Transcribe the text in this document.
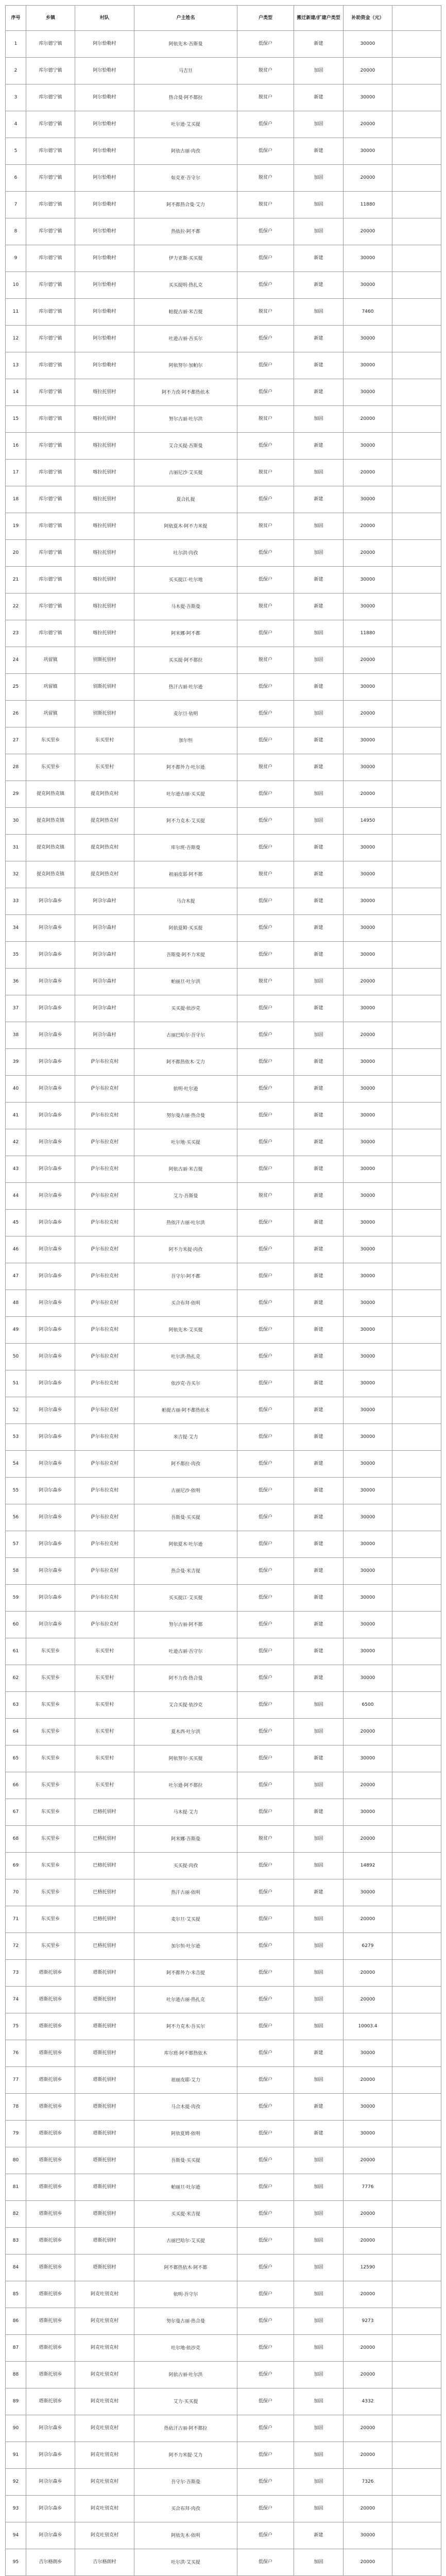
序号	乡镇	村队	户主姓名	户类型	搬迁新建/扩建户类型	补助资金（元）	
1	库尔德宁镇	阿尔恰勒村	阿依先木·吾斯曼	低保户	新建	30000	
2	库尔德宁镇	阿尔恰勒村	马吉旦	脱贫户	加固	20000	
3	库尔德宁镇	阿尔恰勒村	热合曼·阿不都拉	脱贫户	新建	30000	
4	库尔德宁镇	阿尔恰勒村	吐尔逊·艾买提	低保户	加固	20000	
5	库尔德宁镇	阿尔恰勒村	阿依古丽·肉孜	低保户	新建	30000	
6	库尔德宁镇	阿尔恰勒村	如克亚·吾守尔	脱贫户	加固	20000	
7	库尔德宁镇	阿尔恰勒村	阿不都热合曼·艾力	脱贫户	加固	11880	
8	库尔德宁镇	阿尔恰勒村	热依拉·阿不都	低保户	加固	20000	
9	库尔德宁镇	阿尔恰勒村	伊力亚斯·买买提	低保户	新建	30000	
10	库尔德宁镇	阿尔恰勒村	买买提明·热扎克	低保户	新建	30000	
11	库尔德宁镇	阿尔恰勒村	帕提古丽·米吉提	脱贫户	加固	7460	
12	库尔德宁镇	阿尔恰勒村	吐逊古丽·吾买尔	低保户	新建	30000	
13	库尔德宁镇	阿尔恰勒村	阿依努尔·加帕尔	低保户	新建	30000	
14	库尔德宁镇	喀拉托别村	阿不力孜·阿不都热依木	低保户	新建	30000	
15	库尔德宁镇	喀拉托别村	努尔古丽·吐尔洪	脱贫户	加固	20000	
16	库尔德宁镇	喀拉托别村	艾合买提·吾斯曼	低保户	新建	30000	
17	库尔德宁镇	喀拉托别村	古丽尼沙·艾买提	脱贫户	加固	20000	
18	库尔德宁镇	喀拉托别村	夏合扎提	低保户	新建	30000	
19	库尔德宁镇	喀拉托别村	阿依夏木·阿不力米提	脱贫户	加固	20000	
20	库尔德宁镇	喀拉托别村	吐尔洪·肉孜	低保户	加固	20000	
21	库尔德宁镇	喀拉托别村	买买提江·吐尔地	低保户	新建	30000	
22	库尔德宁镇	喀拉托别村	马木提·吾斯曼	脱贫户	新建	30000	
23	库尔德宁镇	喀拉托别村	阿米娜·阿不都	低保户	加固	11880	
24	巩留镇	别斯托别村	买买提·阿不都拉	脱贫户	加固	20000	
25	巩留镇	别斯托别村	热汗古丽·吐尔逊	低保户	新建	30000	
26	巩留镇	别斯托别村	麦尔旦·依明	低保户	加固	20000	
27	东买里乡	东买里村	加尔恒	低保户	新建	30000	
28	东买里乡	东买里村	阿不都外力·吐尔逊	脱贫户	新建	30000	
29	提克阿热克镇	提克阿热克村	吐尔逊古丽·买买提	低保户	加固	20000	
30	提克阿热克镇	提克阿热克村	阿不力克木·艾买提	低保户	加固	14950	
31	提克阿热克镇	提克阿热克村	库尔班·吾斯曼	低保户	新建	30000	
32	提克阿热克镇	提克阿热克村	祖丽皮耶·阿不都	脱贫户	新建	30000	
33	阿尕尔森乡	阿尕尔森村	马合木提	低保户	新建	30000	
34	阿尕尔森乡	阿尕尔森村	阿依夏姆·买买提	低保户	新建	30000	
35	阿尕尔森乡	阿尕尔森村	吾斯曼·阿不力米提	低保户	新建	30000	
36	阿尕尔森乡	阿尕尔森村	帕丽旦·吐尔洪	脱贫户	加固	20000	
37	阿尕尔森乡	阿尕尔森村	买买提·依沙克	低保户	新建	30000	
38	阿尕尔森乡	阿尕尔森村	古丽巴哈尔·吾守尔	低保户	加固	20000	
39	阿尕尔森乡	萨尔布拉克村	阿不都热依木·艾力	低保户	新建	30000	
40	阿尕尔森乡	萨尔布拉克村	依明·吐尔逊	低保户	新建	30000	
41	阿尕尔森乡	萨尔布拉克村	努尔曼古丽·热合曼	低保户	新建	30000	
42	阿尕尔森乡	萨尔布拉克村	吐尔地·买买提	低保户	新建	30000	
43	阿尕尔森乡	萨尔布拉克村	阿依古丽·米吉提	低保户	新建	30000	
44	阿尕尔森乡	萨尔布拉克村	艾力·吾斯曼	脱贫户	新建	30000	
45	阿尕尔森乡	萨尔布拉克村	热依汗古丽·吐尔洪	低保户	新建	30000	
46	阿尕尔森乡	萨尔布拉克村	阿不力米提·肉孜	低保户	新建	30000	
47	阿尕尔森乡	萨尔布拉克村	吾守尔·阿不都	低保户	新建	30000	
48	阿尕尔森乡	萨尔布拉克村	买合布拜·依明	低保户	新建	30000	
49	阿尕尔森乡	萨尔布拉克村	阿依先木·艾买提	低保户	新建	30000	
50	阿尕尔森乡	萨尔布拉克村	吐尔洪·热扎克	低保户	新建	30000	
51	阿尕尔森乡	萨尔布拉克村	依沙克·吾买尔	低保户	新建	30000	
52	阿尕尔森乡	萨尔布拉克村	帕提古丽·阿不都热依木	低保户	新建	30000	
53	阿尕尔森乡	萨尔布拉克村	米吉提·艾力	低保户	新建	30000	
54	阿尕尔森乡	萨尔布拉克村	阿不都拉·肉孜	低保户	新建	30000	
55	阿尕尔森乡	萨尔布拉克村	古丽尼沙·依明	低保户	新建	30000	
56	阿尕尔森乡	萨尔布拉克村	吾斯曼·买买提	低保户	新建	30000	
57	阿尕尔森乡	萨尔布拉克村	阿依夏木·吐尔逊	低保户	新建	30000	
58	阿尕尔森乡	萨尔布拉克村	热合曼·米吉提	低保户	新建	30000	
59	阿尕尔森乡	萨尔布拉克村	买买提江·艾买提	低保户	新建	30000	
60	阿尕尔森乡	萨尔布拉克村	努尔古丽·阿不都	低保户	新建	30000	
61	东买里乡	东买里村	吐逊古丽·吾守尔	低保户	新建	30000	
62	东买里乡	东买里村	阿不力孜·热合曼	低保户	新建	30000	
63	东买里乡	东买里村	艾合买提·依沙克	低保户	加固	6500	
64	东买里乡	东买里村	夏木西·吐尔洪	低保户	加固	20000	
65	东买里乡	东买里村	阿依努尔·买买提	低保户	新建	30000	
66	东买里乡	东买里村	吐尔逊·阿不都拉	低保户	加固	20000	
67	东买里乡	巴格托别村	马木提·艾力	低保户	新建	30000	
68	东买里乡	巴格托别村	阿米娜·吾斯曼	脱贫户	加固	20000	
69	东买里乡	巴格托别村	买买提·肉孜	低保户	加固	14892	
70	东买里乡	巴格托别村	热汗古丽·依明	低保户	新建	30000	
71	东买里乡	巴格托别村	麦尔旦·艾买提	低保户	加固	20000	
72	东买里乡	巴格托别村	加尔恒·吐尔逊	低保户	加固	6279	
73	塔斯托别乡	塔斯托别村	阿不都外力·米吉提	低保户	加固	20000	
74	塔斯托别乡	塔斯托别村	吐尔逊古丽·热扎克	低保户	加固	20000	
75	塔斯托别乡	塔斯托别村	阿不力克木·吾买尔	低保户	加固	10003.4	
76	塔斯托别乡	塔斯托别村	库尔班·阿不都热依木	低保户	新建	30000	
77	塔斯托别乡	塔斯托别村	祖丽皮耶·艾力	低保户	加固	20000	
78	塔斯托别乡	塔斯托别村	马合木提·肉孜	低保户	新建	30000	
79	塔斯托别乡	塔斯托别村	阿依夏姆·依明	低保户	新建	30000	
80	塔斯托别乡	塔斯托别村	吾斯曼·买买提	低保户	加固	20000	
81	塔斯托别乡	塔斯托别村	帕丽旦·吐尔逊	低保户	加固	7776	
82	塔斯托别乡	塔斯托别村	买买提·米吉提	低保户	加固	20000	
83	塔斯托别乡	塔斯托别村	古丽巴哈尔·艾买提	低保户	加固	20000	
84	塔斯托别乡	塔斯托别村	阿不都热依木·阿不都	低保户	加固	12590	
85	塔斯托别乡	阿克吐别克村	依明·吾守尔	低保户	加固	20000	
86	塔斯托别乡	阿克吐别克村	努尔曼古丽·热合曼	低保户	加固	9273	
87	塔斯托别乡	阿克吐别克村	吐尔地·依沙克	低保户	加固	20000	
88	塔斯托别乡	阿克吐别克村	阿依古丽·吐尔洪	低保户	加固	20000	
89	塔斯托别乡	阿克吐别克村	艾力·买买提	低保户	加固	4332	
90	阿尕尔森乡	阿克吐别克村	热依汗古丽·阿不都拉	低保户	加固	20000	
91	阿尕尔森乡	阿克吐别克村	阿不力米提·艾力	低保户	加固	20000	
92	阿尕尔森乡	阿克吐别克村	吾守尔·吾斯曼	低保户	加固	7326	
93	阿尕尔森乡	阿克吐别克村	买合布拜·肉孜	低保户	加固	20000	
94	阿尕尔森乡	阿克吐别克村	阿依先木·依明	低保户	新建	30000	
95	吉尔格朗乡	吉尔格朗村	吐尔洪·艾买提	低保户	加固	20000	
